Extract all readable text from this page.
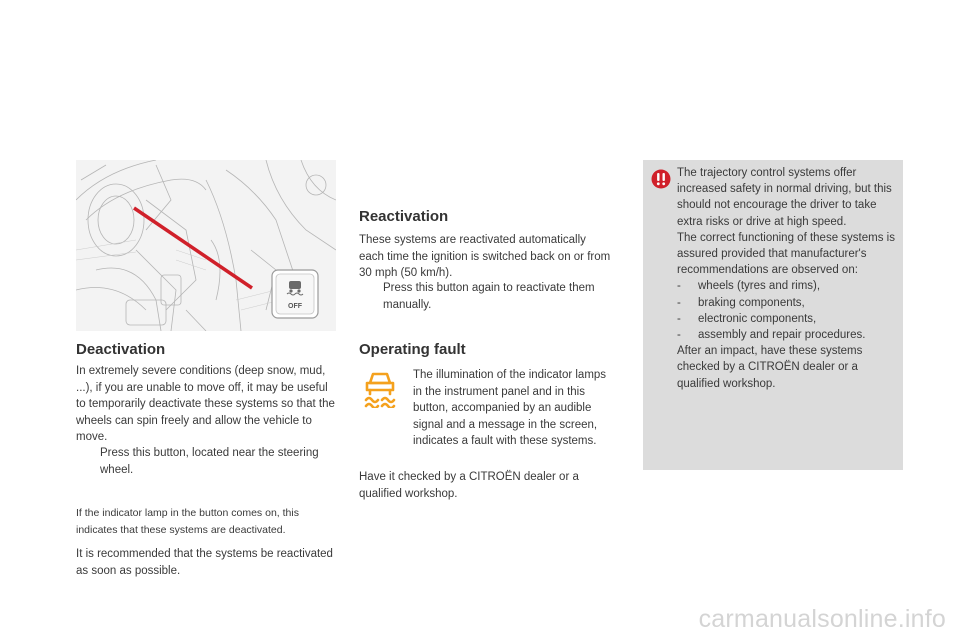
OFF
Deactivation

In extremely severe conditions (deep snow, mud, ...), if you are unable to move off, it may be useful to temporarily deactivate these systems so that the wheels can spin freely and allow the vehicle to move.

Press this button, located near the steering wheel.

If the indicator lamp in the button comes on, this indicates that these systems are deactivated.

It is recommended that the systems be reactivated as soon as possible.

Reactivation

These systems are reactivated automatically each time the ignition is switched back on or from 30 mph (50 km/h).

Press this button again to reactivate them manually.
Operating fault

The illumination of the indicator lamps in the instrument panel and in this button, accompanied by an audible signal and a message in the screen, indicates a fault with these systems.

Have it checked by a CITROËN dealer or a qualified workshop.

The trajectory control systems offer increased safety in normal driving, but this should not encourage the driver to take extra risks or drive at high speed.
The correct functioning of these systems is assured provided that manufacturer's recommendations are observed on:
-	wheels (tyres and rims),
-	braking components,
-	electronic components,
-	assembly and repair procedures.
After an impact, have these systems checked by a CITROËN dealer or a qualified workshop.
carmanualsonline.info
